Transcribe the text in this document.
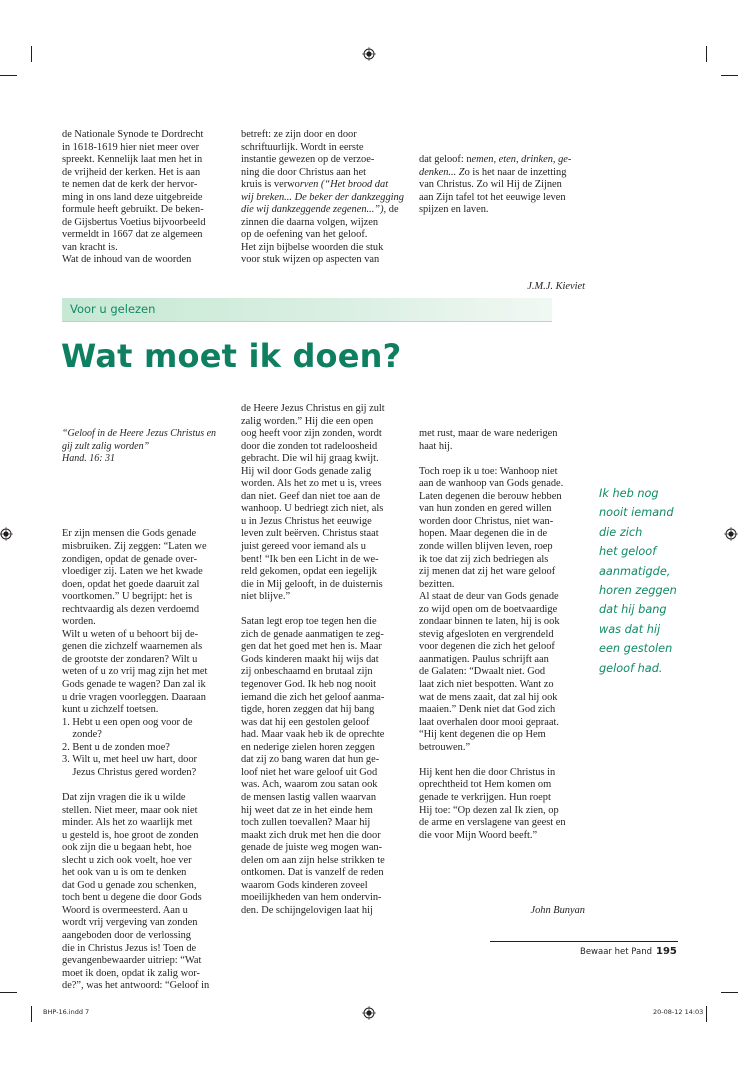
de Nationale Synode te Dordrecht
in 1618-1619 hier niet meer over
spreekt. Kennelijk laat men het in
de vrijheid der kerken. Het is aan
te nemen dat de kerk der hervor-
ming in ons land deze uitgebreide
formule heeft gebruikt. De beken-
de Gijsbertus Voetius bijvoorbeeld
vermeldt in 1667 dat ze algemeen
van kracht is.
Wat de inhoud van de woorden
betreft: ze zijn door en door
schriftuurlijk. Wordt in eerste
instantie gewezen op de verzoe-
ning die door Christus aan het
kruis is verworven (“Het brood dat
wij breken... De beker der dankzegging
die wij dankzeggende zegenen...”), de
zinnen die daarna volgen, wijzen
op de oefening van het geloof.
Het zijn bijbelse woorden die stuk
voor stuk wijzen op aspecten van

dat geloof: nemen, eten, drinken, ge-
denken... Zo is het naar de inzetting
van Christus. Zo wil Hij de Zijnen
aan Zijn tafel tot het eeuwige leven
spijzen en laven.

J.M.J. Kieviet

Voor u gelezen
Wat moet ik doen?

“Geloof in de Heere Jezus Christus en
gij zult zalig worden”
Hand. 16: 31

Er zijn mensen die Gods genade
misbruiken. Zij zeggen: “Laten we
zondigen, opdat de genade over-
vloediger zij. Laten we het kwade
doen, opdat het goede daaruit zal
voortkomen.” U begrijpt: het is
rechtvaardig als dezen verdoemd
worden.
Wilt u weten of u behoort bij de-
genen die zichzelf waarnemen als
de grootste der zondaren? Wilt u
weten of u zo vrij mag zijn het met
Gods genade te wagen? Dan zal ik
u drie vragen voorleggen. Daaraan
kunt u zichzelf toetsen.
1. Hebt u een open oog voor de
zonde?
2. Bent u de zonden moe?
3. Wilt u, met heel uw hart, door
Jezus Christus gered worden?
Dat zijn vragen die ik u wilde
stellen. Niet meer, maar ook niet
minder. Als het zo waarlijk met
u gesteld is, hoe groot de zonden
ook zijn die u begaan hebt, hoe
slecht u zich ook voelt, hoe ver
het ook van u is om te denken
dat God u genade zou schenken,
toch bent u degene die door Gods
Woord is overmeesterd. Aan u
wordt vrij vergeving van zonden
aangeboden door de verlossing
die in Christus Jezus is! Toen de
gevangenbewaarder uitriep: “Wat
moet ik doen, opdat ik zalig wor-
de?”, was het antwoord: “Geloof in

de Heere Jezus Christus en gij zult
zalig worden.” Hij die een open
oog heeft voor zijn zonden, wordt
door die zonden tot radeloosheid
gebracht. Die wil hij graag kwijt.
Hij wil door Gods genade zalig
worden. Als het zo met u is, vrees
dan niet. Geef dan niet toe aan de
wanhoop. U bedriegt zich niet, als
u in Jezus Christus het eeuwige
leven zult beërven. Christus staat
juist gereed voor iemand als u
bent! “Ik ben een Licht in de we-
reld gekomen, opdat een iegelijk
die in Mij gelooft, in de duisternis
niet blijve.”
Satan legt erop toe tegen hen die
zich de genade aanmatigen te zeg-
gen dat het goed met hen is. Maar
Gods kinderen maakt hij wijs dat
zij onbeschaamd en brutaal zijn
tegenover God. Ik heb nog nooit
iemand die zich het geloof aanma-
tigde, horen zeggen dat hij bang
was dat hij een gestolen geloof
had. Maar vaak heb ik de oprechte
en nederige zielen horen zeggen
dat zij zo bang waren dat hun ge-
loof niet het ware geloof uit God
was. Ach, waarom zou satan ook
de mensen lastig vallen waarvan
hij weet dat ze in het einde hem
toch zullen toevallen? Maar hij
maakt zich druk met hen die door
genade de juiste weg mogen wan-
delen om aan zijn helse strikken te
ontkomen. Dat is vanzelf de reden
waarom Gods kinderen zoveel
moeilijkheden van hem ondervin-
den. De schijngelovigen laat hij

met rust, maar de ware nederigen
haat hij.
Toch roep ik u toe: Wanhoop niet
aan de wanhoop van Gods genade.
Laten degenen die berouw hebben
van hun zonden en gered willen
worden door Christus, niet wan-
hopen. Maar degenen die in de
zonde willen blijven leven, roep
ik toe dat zij zich bedriegen als
zij menen dat zij het ware geloof
bezitten.
Al staat de deur van Gods genade
zo wijd open om de boetvaardige
zondaar binnen te laten, hij is ook
stevig afgesloten en vergrendeld
voor degenen die zich het geloof
aanmatigen. Paulus schrijft aan
de Galaten: “Dwaalt niet. God
laat zich niet bespotten. Want zo
wat de mens zaait, dat zal hij ook
maaien.” Denk niet dat God zich
laat overhalen door mooi gepraat.
“Hij kent degenen die op Hem
betrouwen.”
Hij kent hen die door Christus in
oprechtheid tot Hem komen om
genade te verkrijgen. Hun roept
Hij toe: “Op dezen zal Ik zien, op
de arme en verslagene van geest en
die voor Mijn Woord beeft.”

John Bunyan

Ik heb nog
nooit iemand
die zich
het geloof
aanmatigde,
horen zeggen
dat hij bang
was dat hij
een gestolen
geloof had.
Bewaar het Pand 195
BHP-16.indd 7	20-08-12 14:03
